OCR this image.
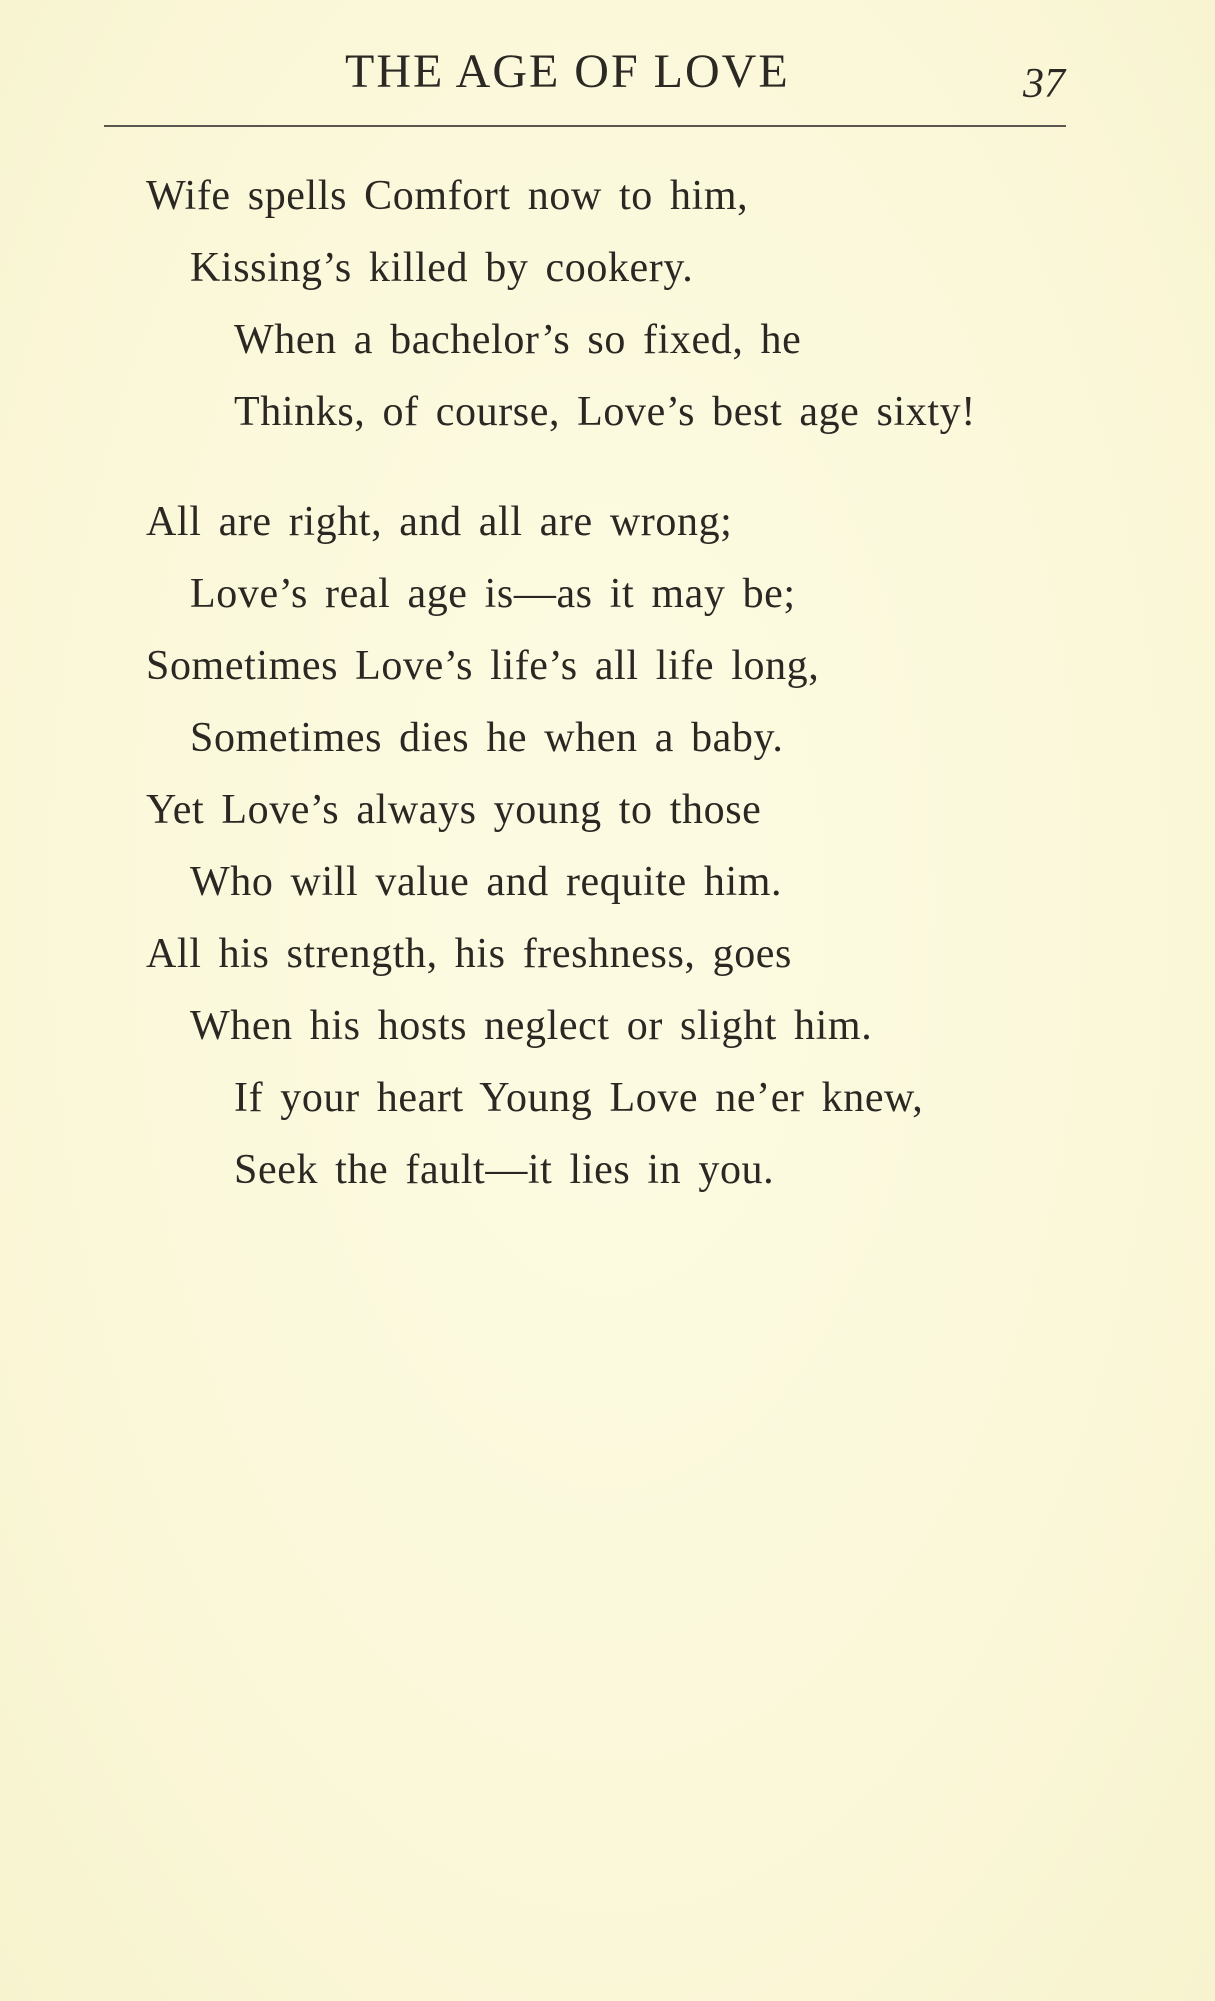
THE AGE OF LOVE	37
Wife spells Comfort now to him,
Kissing’s killed by cookery.
When a bachelor’s so fixed, he
Thinks, of course, Love’s best age sixty!
All are right, and all are wrong;
Love’s real age is—as it may be;
Sometimes Love’s life’s all life long,
Sometimes dies he when a baby.
Yet Love’s always young to those
Who will value and requite him.
All his strength, his freshness, goes
When his hosts neglect or slight him.
If your heart Young Love ne’er knew,
Seek the fault—it lies in you.
